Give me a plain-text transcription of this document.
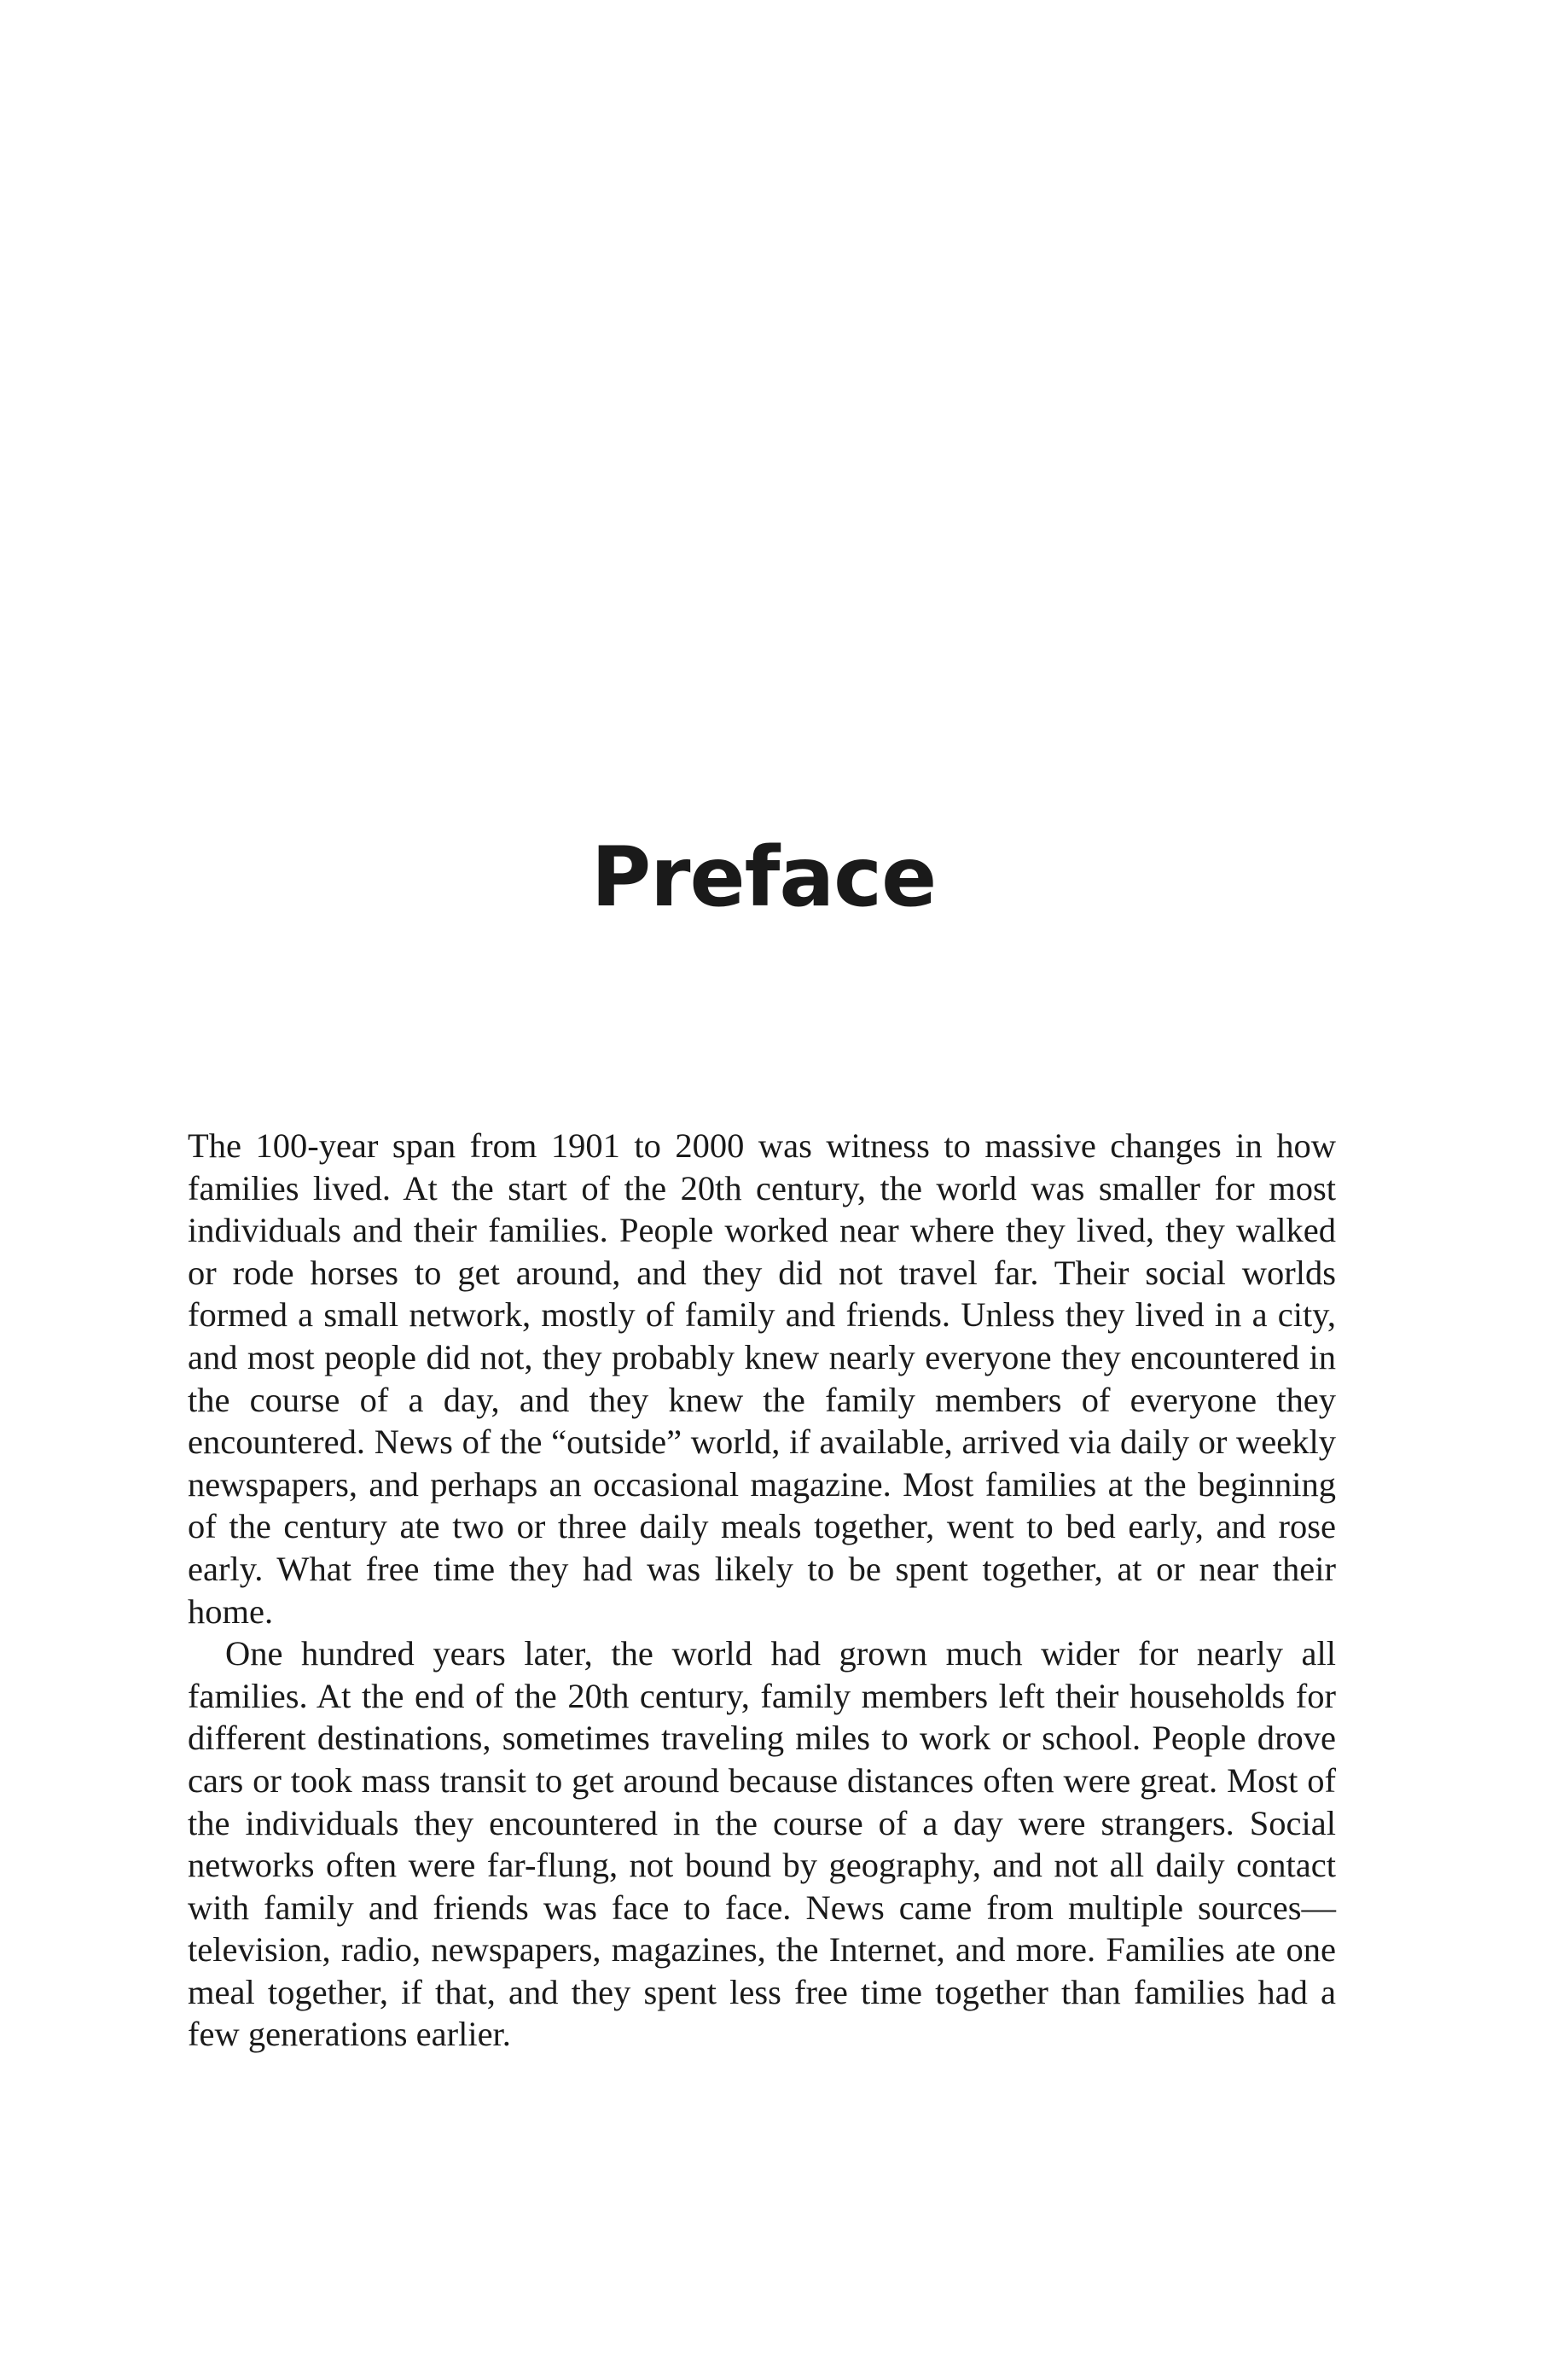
Preface

The 100-year span from 1901 to 2000 was witness to massive changes in how families lived. At the start of the 20th century, the world was smaller for most individuals and their families. People worked near where they lived, they walked or rode horses to get around, and they did not travel far. Their social worlds formed a small network, mostly of family and friends. Unless they lived in a city, and most people did not, they probably knew nearly everyone they encountered in the course of a day, and they knew the family members of everyone they encountered. News of the “outside” world, if available, arrived via daily or weekly newspapers, and perhaps an occasional magazine. Most families at the beginning of the century ate two or three daily meals together, went to bed early, and rose early. What free time they had was likely to be spent together, at or near their home.

One hundred years later, the world had grown much wider for nearly all families. At the end of the 20th century, family members left their households for different destinations, sometimes traveling miles to work or school. People drove cars or took mass transit to get around because distances often were great. Most of the individuals they encountered in the course of a day were strangers. Social networks often were far-flung, not bound by geography, and not all daily contact with family and friends was face to face. News came from multiple sources—television, radio, newspapers, magazines, the Internet, and more. Families ate one meal together, if that, and they spent less free time together than families had a few generations earlier.
